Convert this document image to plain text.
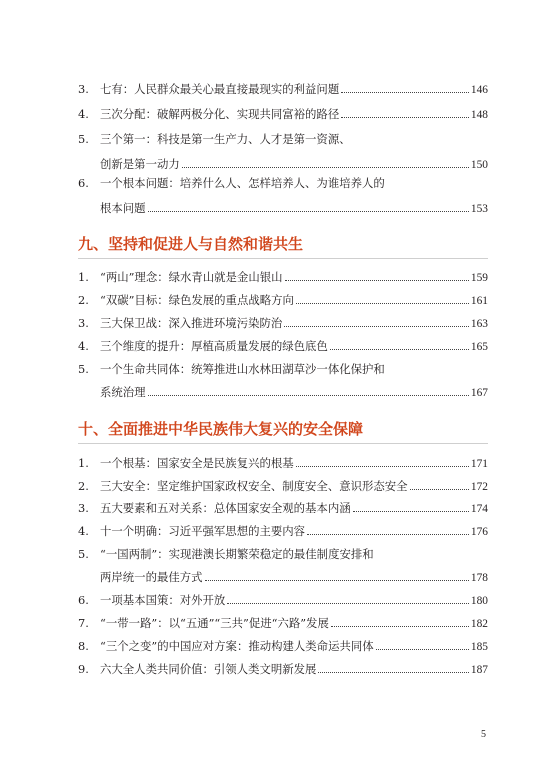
3. 七有：人民群众最关心最直接最现实的利益问题	146
4. 三次分配：破解两极分化、实现共同富裕的路径	148
5. 三个第一：科技是第一生产力、人才是第一资源、
创新是第一动力	150
6. 一个根本问题：培养什么人、怎样培养人、为谁培养人的
根本问题	153
九、坚持和促进人与自然和谐共生
1. “两山”理念：绿水青山就是金山银山	159
2. “双碳”目标：绿色发展的重点战略方向	161
3. 三大保卫战：深入推进环境污染防治	163
4. 三个维度的提升：厚植高质量发展的绿色底色	165
5. 一个生命共同体：统筹推进山水林田湖草沙一体化保护和
系统治理	167
十、全面推进中华民族伟大复兴的安全保障
1. 一个根基：国家安全是民族复兴的根基	171
2. 三大安全：坚定维护国家政权安全、制度安全、意识形态安全	172
3. 五大要素和五对关系：总体国家安全观的基本内涵	174
4. 十一个明确：习近平强军思想的主要内容	176
5. “一国两制”：实现港澳长期繁荣稳定的最佳制度安排和
两岸统一的最佳方式	178
6. 一项基本国策：对外开放	180
7. “一带一路”：以“五通”“三共”促进“六路”发展	182
8. “三个之变”的中国应对方案：推动构建人类命运共同体	185
9. 六大全人类共同价值：引领人类文明新发展	187
5
